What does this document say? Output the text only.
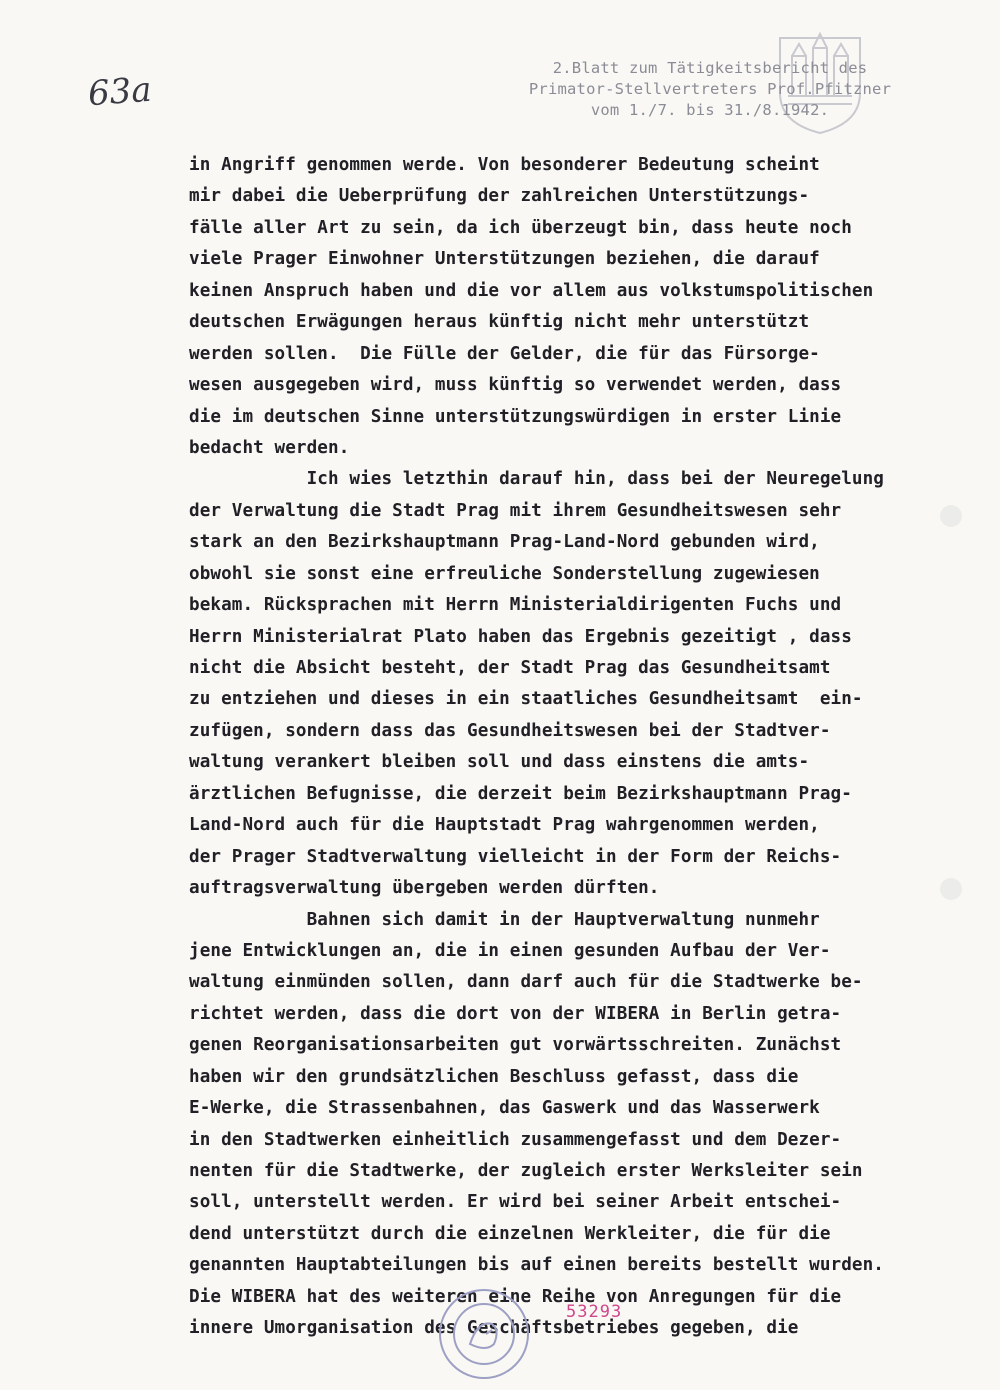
2.Blatt zum Tätigkeitsbericht des
Primator-Stellvertreters Prof.Pfitzner
vom 1./7. bis 31./8.1942.
63a
in Angriff genommen werde. Von besonderer Bedeutung scheint
mir dabei die Ueberprüfung der zahlreichen Unterstützungs-
fälle aller Art zu sein, da ich überzeugt bin, dass heute noch
viele Prager Einwohner Unterstützungen beziehen, die darauf
keinen Anspruch haben und die vor allem aus volkstumspolitischen
deutschen Erwägungen heraus künftig nicht mehr unterstützt
werden sollen.  Die Fülle der Gelder, die für das Fürsorge-
wesen ausgegeben wird, muss künftig so verwendet werden, dass
die im deutschen Sinne unterstützungswürdigen in erster Linie
bedacht werden.
Ich wies letzthin darauf hin, dass bei der Neuregelung
der Verwaltung die Stadt Prag mit ihrem Gesundheitswesen sehr
stark an den Bezirkshauptmann Prag-Land-Nord gebunden wird,
obwohl sie sonst eine erfreuliche Sonderstellung zugewiesen
bekam. Rücksprachen mit Herrn Ministerialdirigenten Fuchs und
Herrn Ministerialrat Plato haben das Ergebnis gezeitigt , dass
nicht die Absicht besteht, der Stadt Prag das Gesundheitsamt
zu entziehen und dieses in ein staatliches Gesundheitsamt  ein-
zufügen, sondern dass das Gesundheitswesen bei der Stadtver-
waltung verankert bleiben soll und dass einstens die amts-
ärztlichen Befugnisse, die derzeit beim Bezirkshauptmann Prag-
Land-Nord auch für die Hauptstadt Prag wahrgenommen werden,
der Prager Stadtverwaltung vielleicht in der Form der Reichs-
auftragsverwaltung übergeben werden dürften.
Bahnen sich damit in der Hauptverwaltung nunmehr
jene Entwicklungen an, die in einen gesunden Aufbau der Ver-
waltung einmünden sollen, dann darf auch für die Stadtwerke be-
richtet werden, dass die dort von der WIBERA in Berlin getra-
genen Reorganisationsarbeiten gut vorwärtsschreiten. Zunächst
haben wir den grundsätzlichen Beschluss gefasst, dass die
E-Werke, die Strassenbahnen, das Gaswerk und das Wasserwerk
in den Stadtwerken einheitlich zusammengefasst und dem Dezer-
nenten für die Stadtwerke, der zugleich erster Werksleiter sein
soll, unterstellt werden. Er wird bei seiner Arbeit entschei-
dend unterstützt durch die einzelnen Werkleiter, die für die
genannten Hauptabteilungen bis auf einen bereits bestellt wurden.
Die WIBERA hat des weiteren eine Reihe von Anregungen für die
innere Umorganisation des Geschäftsbetriebes gegeben, die
53293
